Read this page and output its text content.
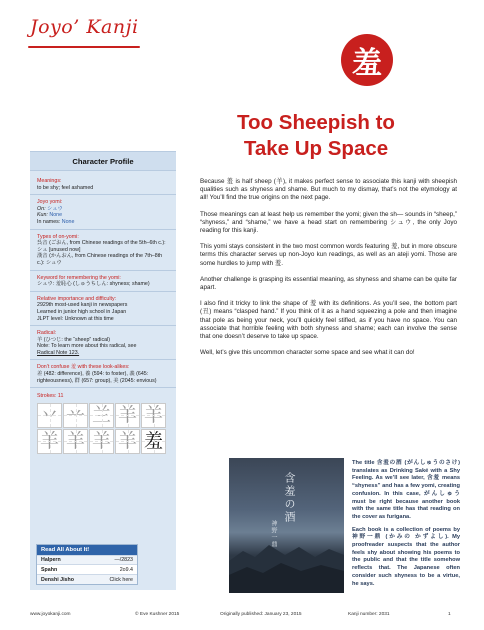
Joyo’ Kanji
羞
Too Sheepish to
Take Up Space
Character Profile
Meanings:
to be shy; feel ashamed
Joyo yomi:
On: シュウ
Kun: None
In names: None
Types of on-yomi:
呉音 (ごおん, from Chinese readings of the 5th–6th c.): シュ [unused now]
漢音 (かんおん, from Chinese readings of the 7th–8th c.): シュウ
Keyword for remembering the yomi:
シュウ: 羞恥心 (しゅうちしん: shyness; shame)
Relative importance and difficulty:
2929th most-used kanji in newspapers
Learned in junior high school in Japan
JLPT level: Unknown at this time
Radical:
羊 (ひつじ: the “sheep” radical)
Note: To learn more about this radical, see
Radical Note 123.
Don’t confuse 羞 with these look-alikes:
差 (482: difference), 養 (594: to foster), 義 (645: righteousness), 群 (657: group), 美 (2045: envious)
Strokes: 11
丷 䒑 兰 羊 羊
羊 羊 羊 羊 羞
Read All About It!
Halpern	—/2823
Spahn	2o9.4
Denshi Jisho	Click here

Because 羞 is half sheep (羊), it makes perfect sense to associate this kanji with sheepish qualities such as shyness and shame. But much to my dismay, that’s not the etymology at all! You’ll find the true origins on the next page.

Those meanings can at least help us remember the yomi; given the sh— sounds in “sheep,” “shyness,” and “shame,” we have a head start on remembering シュウ, the only Joyo reading for this kanji.

This yomi stays consistent in the two most common words featuring 羞, but in more obscure terms this character serves up non-Joyo kun readings, as well as an ateji yomi. Those are some hurdles to jump with 羞.

Another challenge is grasping its essential meaning, as shyness and shame can be quite far apart.

I also find it tricky to link the shape of 羞 with its definitions. As you’ll see, the bottom part (丑) means “clasped hand.” If you think of it as a hand squeezing a pole and then imagine that pole as being your neck, you’ll quickly feel stifled, as if you have no space. You can associate that horrible feeling with both shyness and shame; each can involve the sense that one doesn’t deserve to take up space.

Well, let’s give this uncommon character some space and see what it can do!

含羞の酒
神野一鼎

The title 含羞の酒 (がんしゅうのさけ) translates as Drinking Saké with a Shy Feeling. As we’ll see later, 含羞 means “shyness” and has a few yomi, creating confusion. In this case, がんしゅう must be right because another book with the same title has that reading on the cover as furigana.

Each book is a collection of poems by 神野一鼎 (かみの かずよし). My proofreader suspects that the author feels shy about showing his poems to the public and that the title somehow reflects that. The Japanese often consider such shyness to be a virtue, he says.

www.joyokanji.com	© Eve Kushner 2015	Originally published: January 23, 2015	Kanji number: 2031	1
